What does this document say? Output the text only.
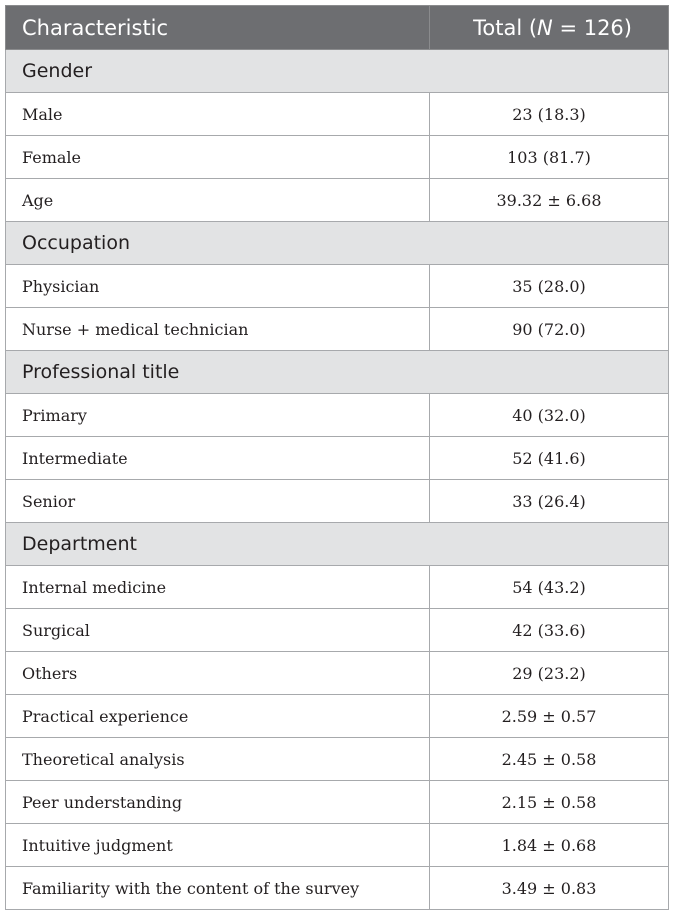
Characteristic	Total (N = 126)
Gender	
Male	23 (18.3)
Female	103 (81.7)
Age	39.32 ± 6.68
Occupation	
Physician	35 (28.0)
Nurse + medical technician	90 (72.0)
Professional title	
Primary	40 (32.0)
Intermediate	52 (41.6)
Senior	33 (26.4)
Department	
Internal medicine	54 (43.2)
Surgical	42 (33.6)
Others	29 (23.2)
Practical experience	2.59 ± 0.57
Theoretical analysis	2.45 ± 0.58
Peer understanding	2.15 ± 0.58
Intuitive judgment	1.84 ± 0.68
Familiarity with the content of the survey	3.49 ± 0.83
